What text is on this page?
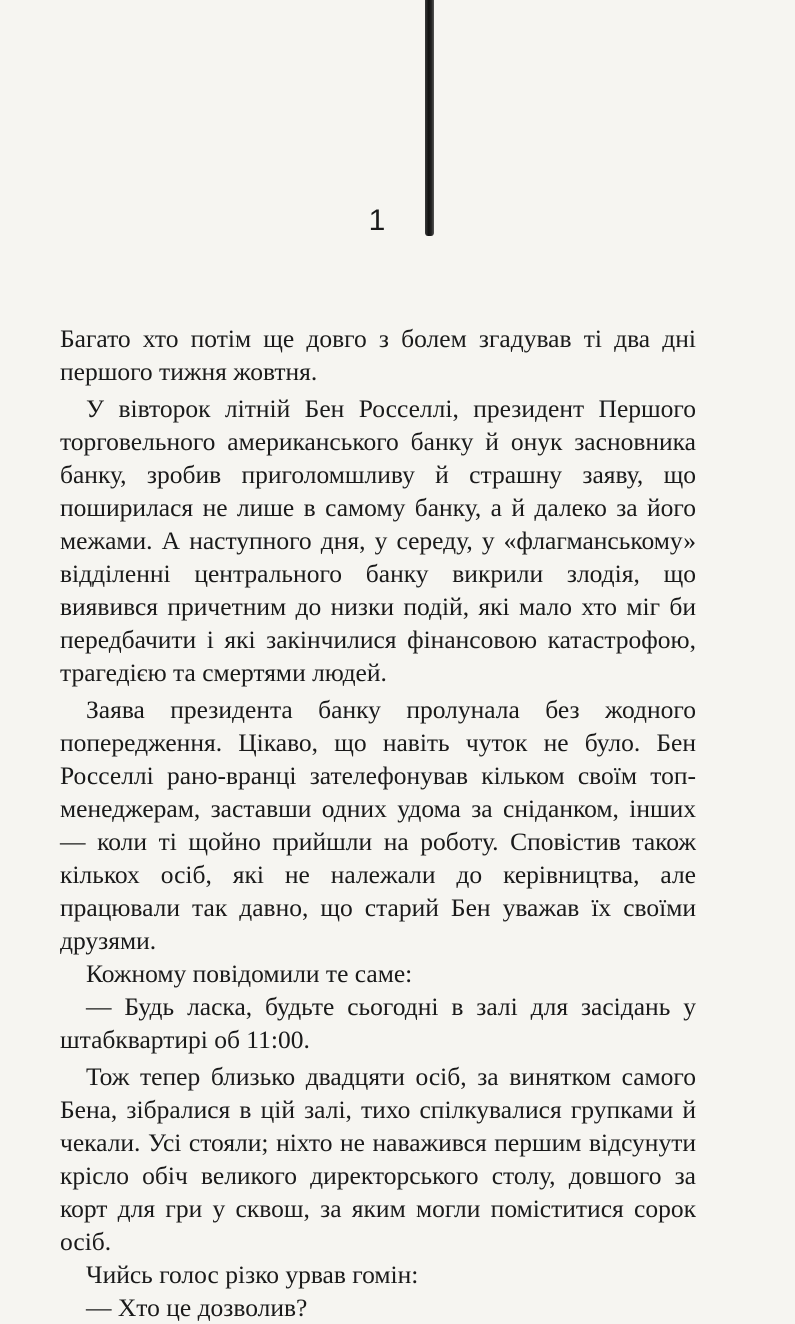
1

Багато хто потім ще довго з болем згадував ті два дні першого тижня жовтня.

У вівторок літній Бен Росселлі, президент Першого торговельного американського банку й онук засновника банку, зробив приголомшливу й страшну заяву, що поширилася не лише в самому банку, а й далеко за його межами. А наступного дня, у середу, у «флагманському» відділенні центрального банку викрили злодія, що виявився причетним до низки подій, які мало хто міг би передбачити і які закінчилися фінансовою катастрофою, трагедією та смертями людей.

Заява президента банку пролунала без жодного попередження. Цікаво, що навіть чуток не було. Бен Росселлі рано-вранці зателефонував кільком своїм топ-менеджерам, заставши одних удома за сніданком, інших — коли ті щойно прийшли на роботу. Сповістив також кількох осіб, які не належали до керівництва, але працювали так давно, що старий Бен уважав їх своїми друзями.

Кожному повідомили те саме:

— Будь ласка, будьте сьогодні в залі для засідань у штабквартирі об 11:00.

Тож тепер близько двадцяти осіб, за винятком самого Бена, зібралися в цій залі, тихо спілкувалися групками й чекали. Усі стояли; ніхто не наважився першим відсунути крісло обіч великого директорського столу, довшого за корт для гри у сквош, за яким могли поміститися сорок осіб.

Чийсь голос різко урвав гомін:

— Хто це дозволив?
